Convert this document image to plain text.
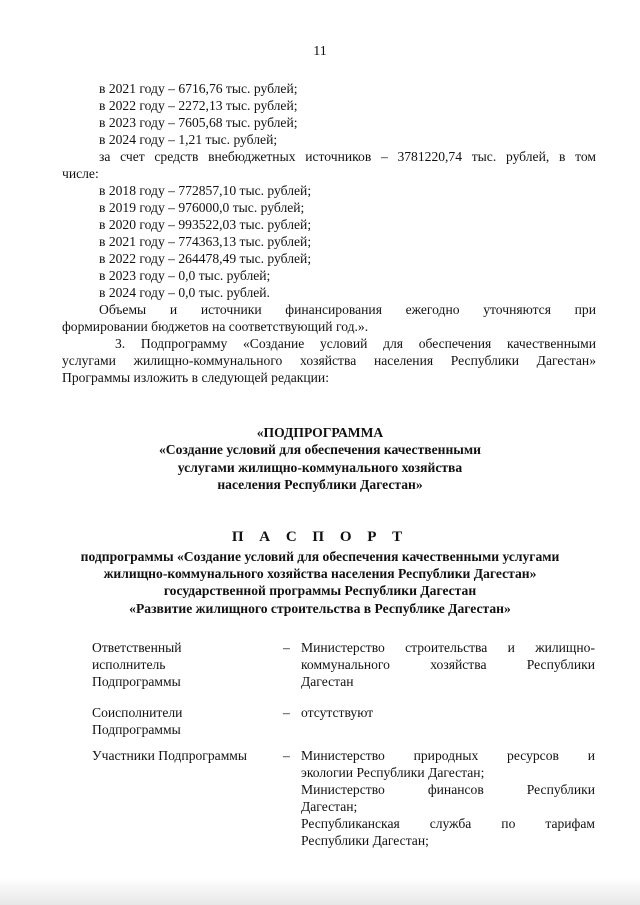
11
в 2021 году – 6716,76 тыс. рублей;
в 2022 году – 2272,13 тыс. рублей;
в 2023 году – 7605,68 тыс. рублей;
в 2024 году – 1,21 тыс. рублей;
за счет средств внебюджетных источников – 3781220,74 тыс. рублей, в том
числе:
в 2018 году – 772857,10 тыс. рублей;
в 2019 году – 976000,0 тыс. рублей;
в 2020 году – 993522,03 тыс. рублей;
в 2021 году – 774363,13 тыс. рублей;
в 2022 году – 264478,49 тыс. рублей;
в 2023 году – 0,0 тыс. рублей;
в 2024 году – 0,0 тыс. рублей.
Объемы и источники финансирования ежегодно уточняются при
формировании бюджетов на соответствующий год.».
3. Подпрограмму «Создание условий для обеспечения качественными
услугами жилищно-коммунального хозяйства населения Республики Дагестан»
Программы изложить в следующей редакции:
«ПОДПРОГРАММА
«Создание условий для обеспечения качественными
услугами жилищно-коммунального хозяйства
населения Республики Дагестан»
П А С П О Р Т
подпрограммы «Создание условий для обеспечения качественными услугами
жилищно-коммунального хозяйства населения Республики Дагестан»
государственной программы Республики Дагестан
«Развитие жилищного строительства в Республике Дагестан»
Ответственный
исполнитель
Подпрограммы
– Министерство строительства и жилищно-
коммунального хозяйства Республики
Дагестан
Соисполнители
Подпрограммы
– отсутствуют
Участники Подпрограммы	– Министерство природных ресурсов и
экологии Республики Дагестан;
Министерство финансов Республики
Дагестан;
Республиканская служба по тарифам
Республики Дагестан;
